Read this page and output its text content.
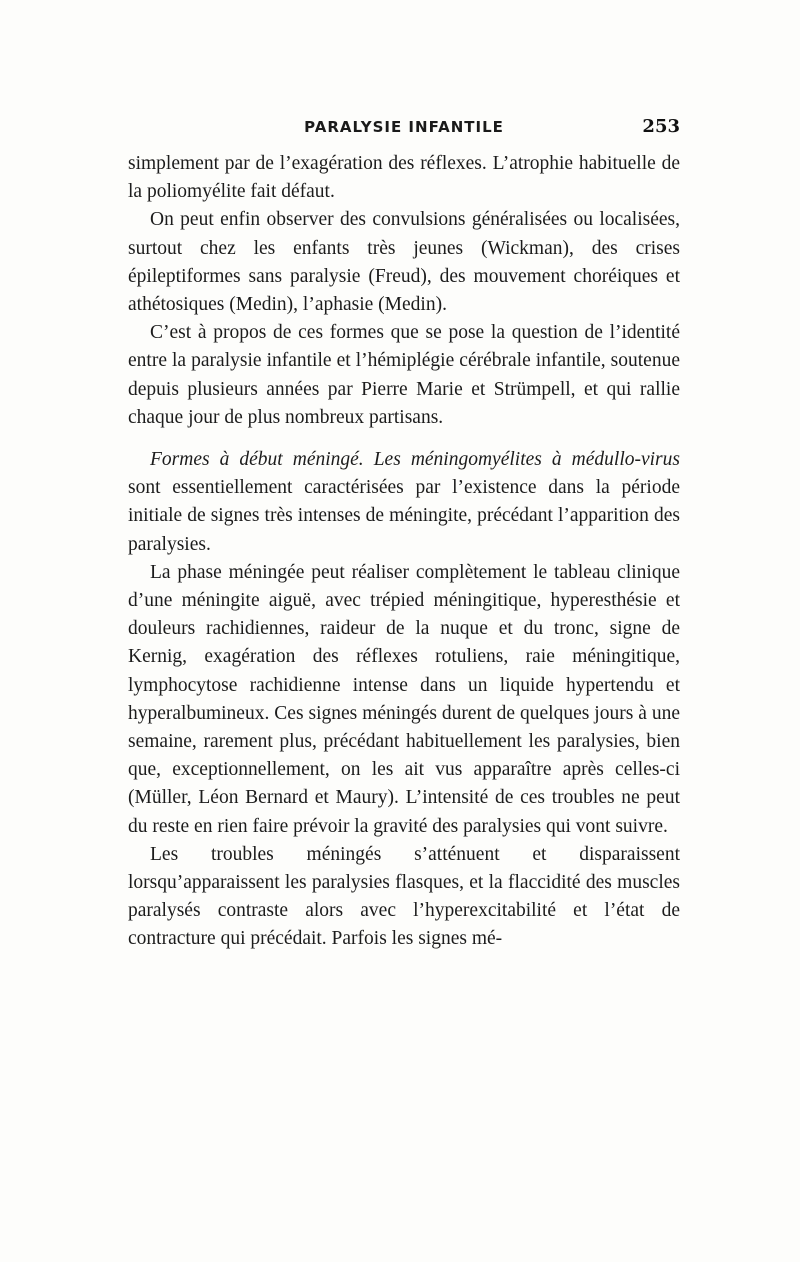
PARALYSIE INFANTILE	253

simplement par de l’exagération des réflexes. L’atrophie habituelle de la poliomyélite fait défaut.

On peut enfin observer des convulsions généralisées ou localisées, surtout chez les enfants très jeunes (Wickman), des crises épileptiformes sans paralysie (Freud), des mouvement choréiques et athétosiques (Medin), l’aphasie (Medin).

C’est à propos de ces formes que se pose la question de l’identité entre la paralysie infantile et l’hémiplégie cérébrale infantile, soutenue depuis plusieurs années par Pierre Marie et Strümpell, et qui rallie chaque jour de plus nombreux partisans.

Formes à début méningé. Les méningomyélites à médullo-virus sont essentiellement caractérisées par l’existence dans la période initiale de signes très intenses de méningite, précédant l’apparition des paralysies.

La phase méningée peut réaliser complètement le tableau clinique d’une méningite aiguë, avec trépied méningitique, hyperesthésie et douleurs rachidiennes, raideur de la nuque et du tronc, signe de Kernig, exagération des réflexes rotuliens, raie méningitique, lymphocytose rachidienne intense dans un liquide hypertendu et hyperalbumineux. Ces signes méningés durent de quelques jours à une semaine, rarement plus, précédant habituellement les paralysies, bien que, exceptionnellement, on les ait vus apparaître après celles-ci (Müller, Léon Bernard et Maury). L’intensité de ces troubles ne peut du reste en rien faire prévoir la gravité des paralysies qui vont suivre.

Les troubles méningés s’atténuent et disparaissent lorsqu’apparaissent les paralysies flasques, et la flaccidité des muscles paralysés contraste alors avec l’hyperexcitabilité et l’état de contracture qui précédait. Parfois les signes mé-
